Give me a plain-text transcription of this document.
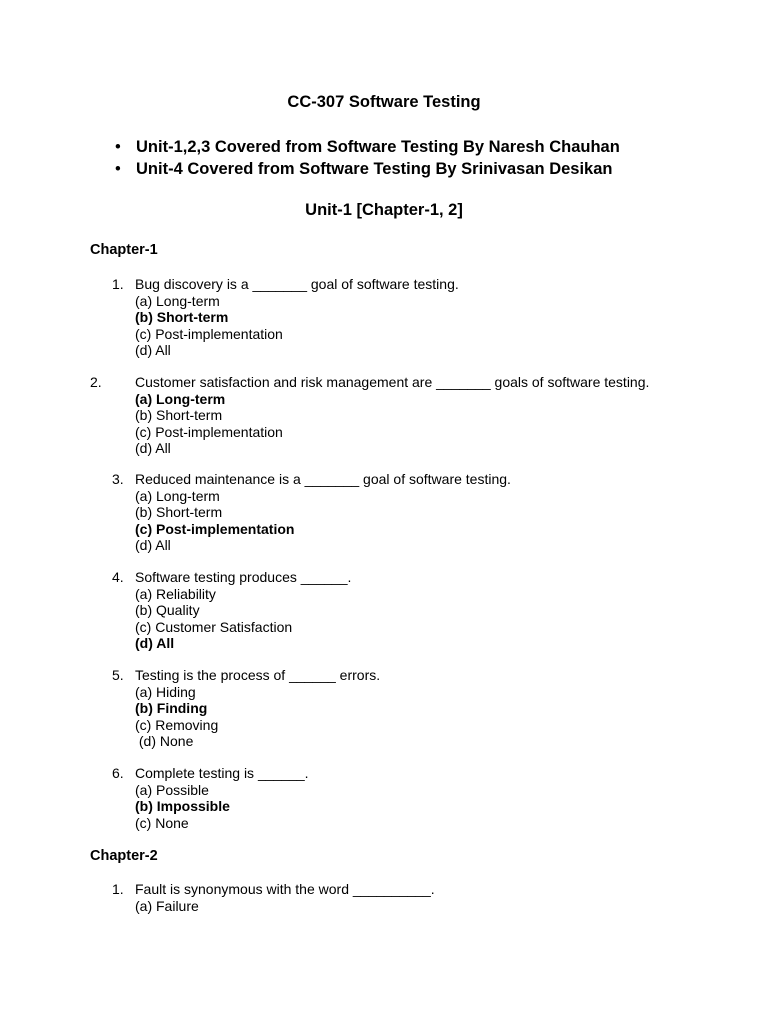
CC-307 Software Testing
• Unit-1,2,3 Covered from Software Testing By Naresh Chauhan
• Unit-4 Covered from Software Testing By Srinivasan Desikan
Unit-1 [Chapter-1, 2]
Chapter-1
1. Bug discovery is a _______ goal of software testing.
(a) Long-term
(b) Short-term
(c) Post-implementation
(d) All
2. Customer satisfaction and risk management are _______ goals of software testing.
(a) Long-term
(b) Short-term
(c) Post-implementation
(d) All
3. Reduced maintenance is a _______ goal of software testing.
(a) Long-term
(b) Short-term
(c) Post-implementation
(d) All
4. Software testing produces ______.
(a) Reliability
(b) Quality
(c) Customer Satisfaction
(d) All
5. Testing is the process of ______ errors.
(a) Hiding
(b) Finding
(c) Removing
(d) None
6. Complete testing is ______.
(a) Possible
(b) Impossible
(c) None
Chapter-2
1. Fault is synonymous with the word __________.
(a) Failure
